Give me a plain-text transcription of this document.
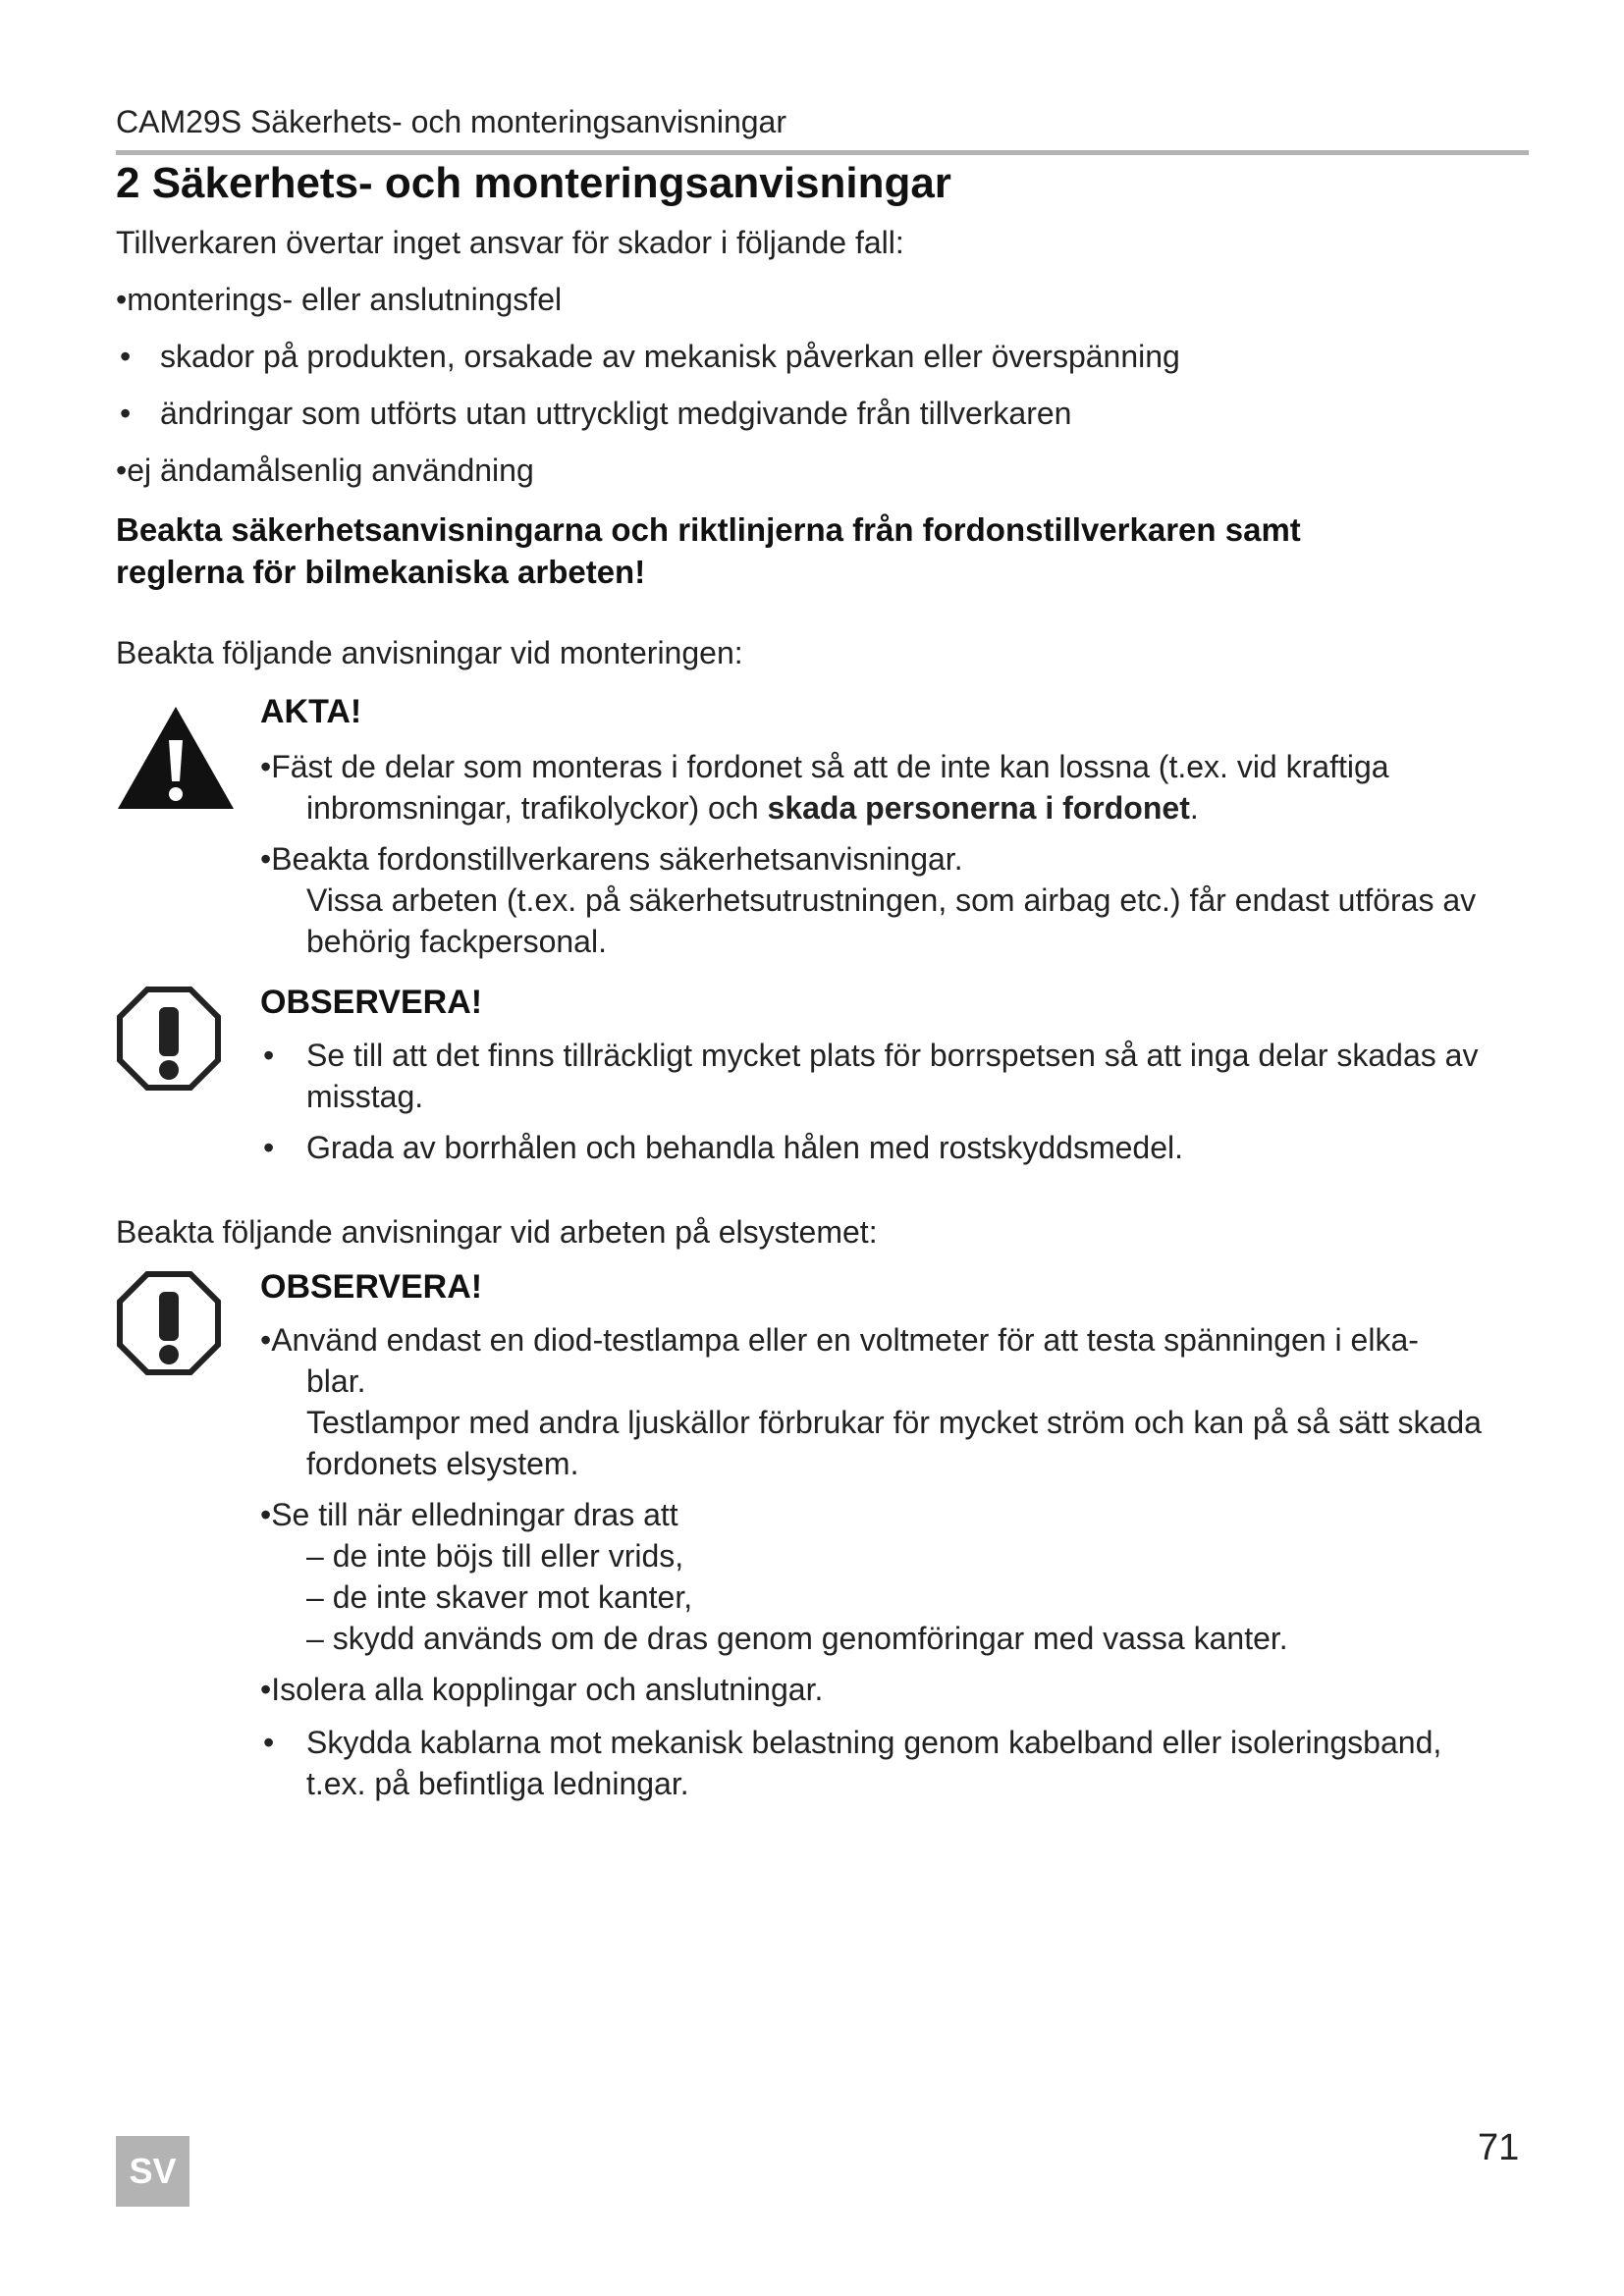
CAM29S Säkerhets- och monteringsanvisningar
2 Säkerhets- och monteringsanvisningar
Tillverkaren övertar inget ansvar för skador i följande fall:
•monterings- eller anslutningsfel
• skador på produkten, orsakade av mekanisk påverkan eller överspänning
• ändringar som utförts utan uttryckligt medgivande från tillverkaren
•ej ändamålsenlig användning
Beakta säkerhetsanvisningarna och riktlinjerna från fordonstillverkaren samt
reglerna för bilmekaniska arbeten!
Beakta följande anvisningar vid monteringen:
AKTA!
•Fäst de delar som monteras i fordonet så att de inte kan lossna (t.ex. vid kraftiga
inbromsningar, trafikolyckor) och skada personerna i fordonet.
•Beakta fordonstillverkarens säkerhetsanvisningar.
Vissa arbeten (t.ex. på säkerhetsutrustningen, som airbag etc.) får endast utföras av
behörig fackpersonal.
OBSERVERA!
• Se till att det finns tillräckligt mycket plats för borrspetsen så att inga delar skadas av
misstag.
• Grada av borrhålen och behandla hålen med rostskyddsmedel.
Beakta följande anvisningar vid arbeten på elsystemet:
OBSERVERA!
•Använd endast en diod-testlampa eller en voltmeter för att testa spänningen i elka-
blar.
Testlampor med andra ljuskällor förbrukar för mycket ström och kan på så sätt skada
fordonets elsystem.
•Se till när elledningar dras att
– de inte böjs till eller vrids,
– de inte skaver mot kanter,
– skydd används om de dras genom genomföringar med vassa kanter.
•Isolera alla kopplingar och anslutningar.
• Skydda kablarna mot mekanisk belastning genom kabelband eller isoleringsband,
t.ex. på befintliga ledningar.
SV
71
